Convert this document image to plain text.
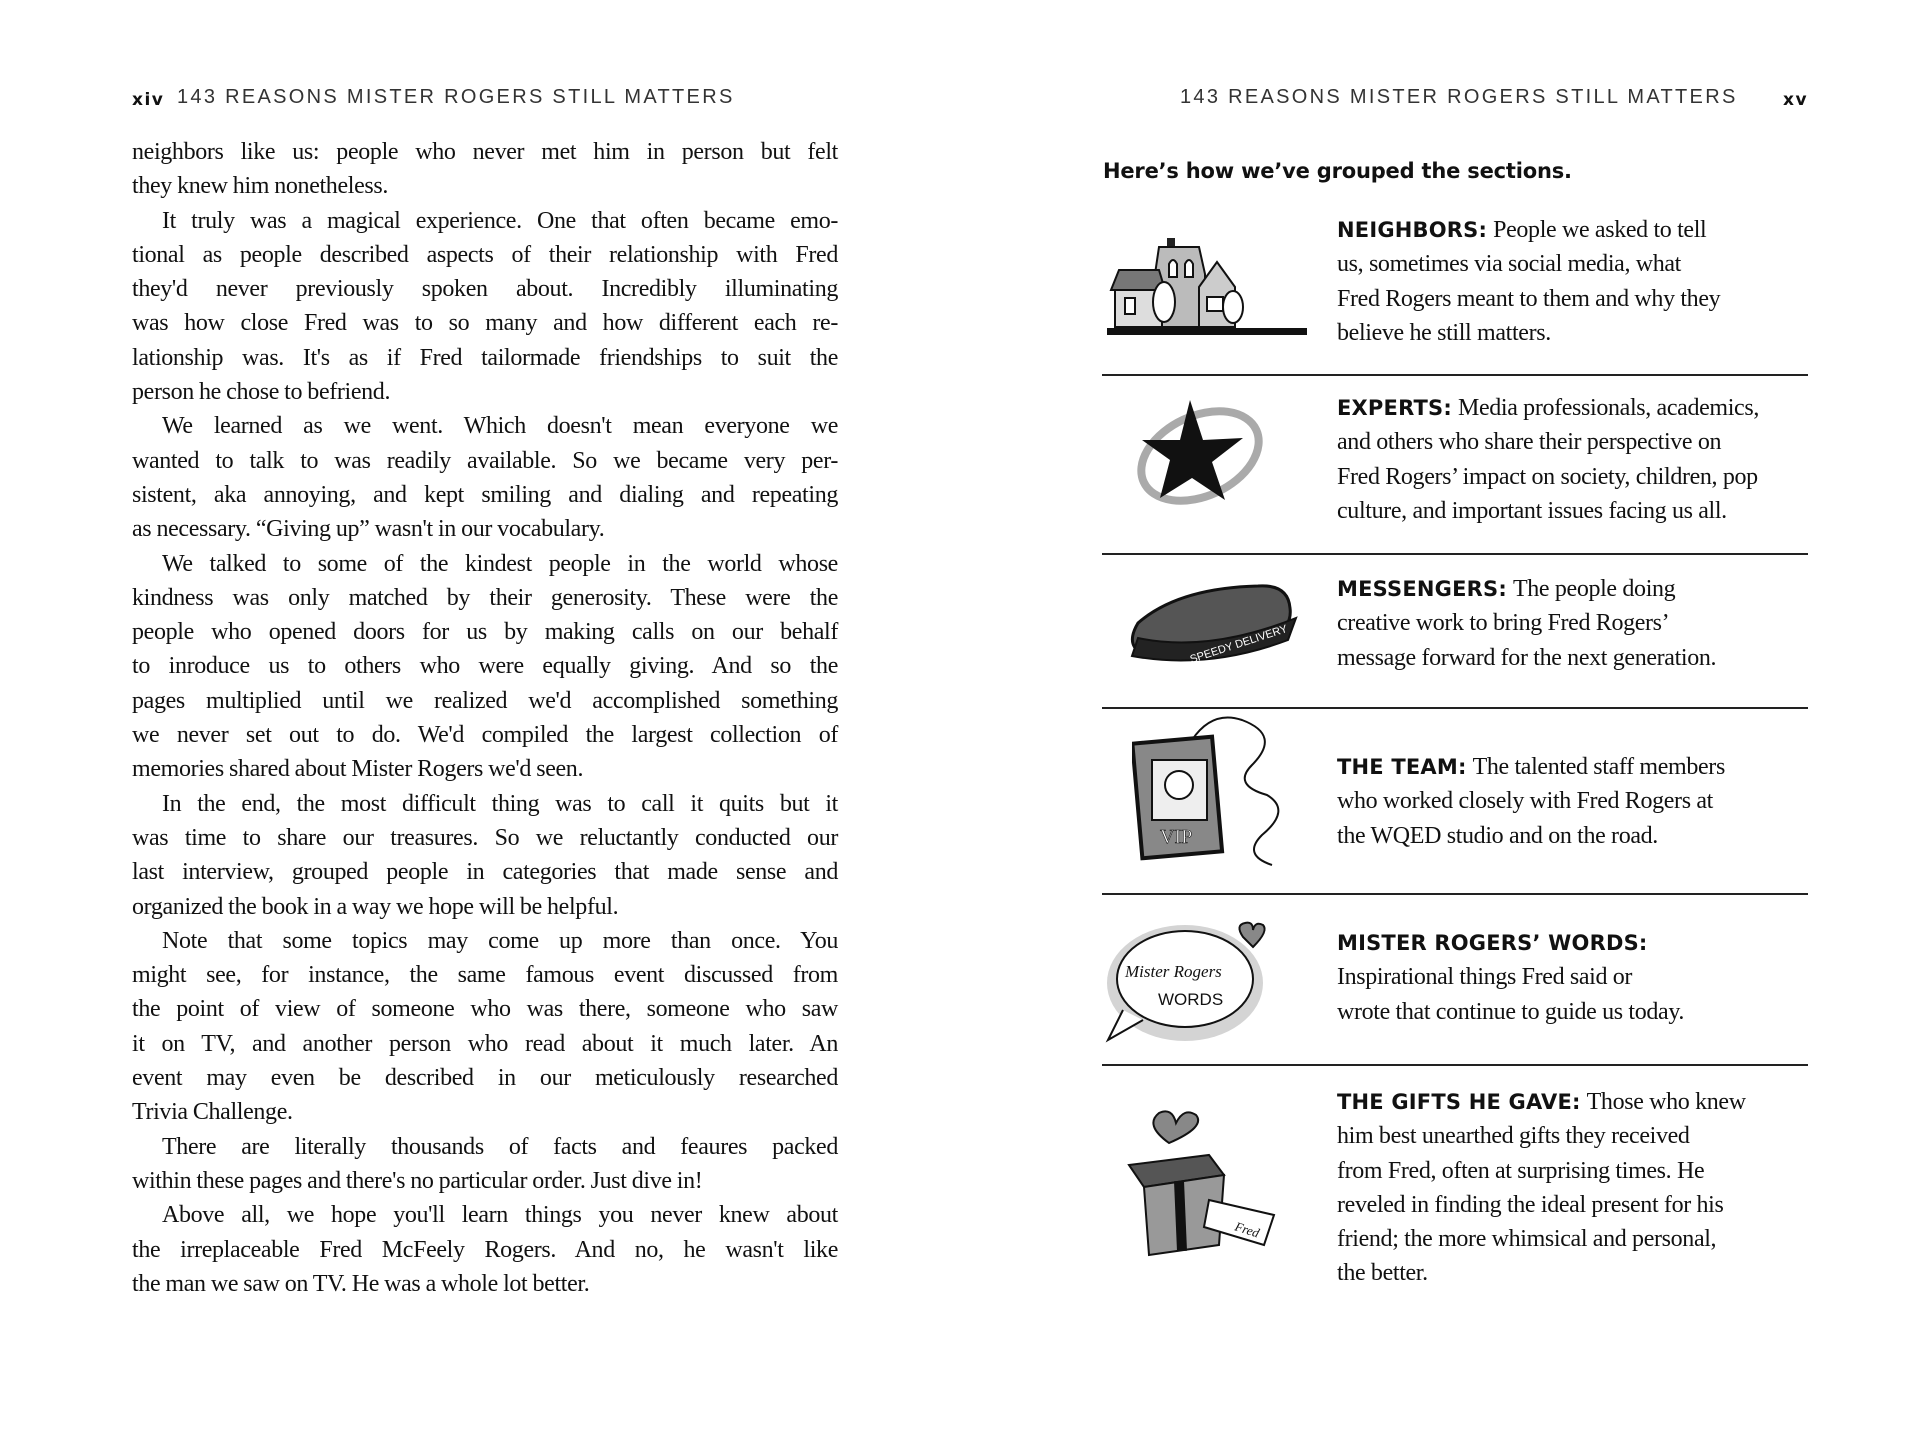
xiv 143 REASONS MISTER ROGERS STILL MATTERS
neighbors like us: people who never met him in person but felt
they knew him nonetheless.
It truly was a magical experience. One that often became emo-
tional as people described aspects of their relationship with Fred
they'd never previously spoken about. Incredibly illuminating
was how close Fred was to so many and how different each re-
lationship was. It's as if Fred tailormade friendships to suit the
person he chose to befriend.
We learned as we went. Which doesn't mean everyone we
wanted to talk to was readily available. So we became very per-
sistent, aka annoying, and kept smiling and dialing and repeating
as necessary. “Giving up” wasn't in our vocabulary.
We talked to some of the kindest people in the world whose
kindness was only matched by their generosity. These were the
people who opened doors for us by making calls on our behalf
to inroduce us to others who were equally giving. And so the
pages multiplied until we realized we'd accomplished something
we never set out to do. We'd compiled the largest collection of
memories shared about Mister Rogers we'd seen.
In the end, the most difficult thing was to call it quits but it
was time to share our treasures. So we reluctantly conducted our
last interview, grouped people in categories that made sense and
organized the book in a way we hope will be helpful.
Note that some topics may come up more than once. You
might see, for instance, the same famous event discussed from
the point of view of someone who was there, someone who saw
it on TV, and another person who read about it much later. An
event may even be described in our meticulously researched
Trivia Challenge.
There are literally thousands of facts and feaures packed
within these pages and there's no particular order. Just dive in!
Above all, we hope you'll learn things you never knew about
the irreplaceable Fred McFeely Rogers. And no, he wasn't like
the man we saw on TV. He was a whole lot better.
143 REASONS MISTER ROGERS STILL MATTERS	xv
Here’s how we’ve grouped the sections.
SPEEDY DELIVERY
VIP
Mister Rogers
WORDS
Fred
NEIGHBORS: People we asked to tell
us, sometimes via social media, what
Fred Rogers meant to them and why they
believe he still matters.
EXPERTS: Media professionals, academics,
and others who share their perspective on
Fred Rogers’ impact on society, children, pop
culture, and important issues facing us all.
MESSENGERS: The people doing
creative work to bring Fred Rogers’
message forward for the next generation.
THE TEAM: The talented staff members
who worked closely with Fred Rogers at
the WQED studio and on the road.
MISTER ROGERS’ WORDS:
Inspirational things Fred said or
wrote that continue to guide us today.
THE GIFTS HE GAVE: Those who knew
him best unearthed gifts they received
from Fred, often at surprising times. He
reveled in finding the ideal present for his
friend; the more whimsical and personal,
the better.
